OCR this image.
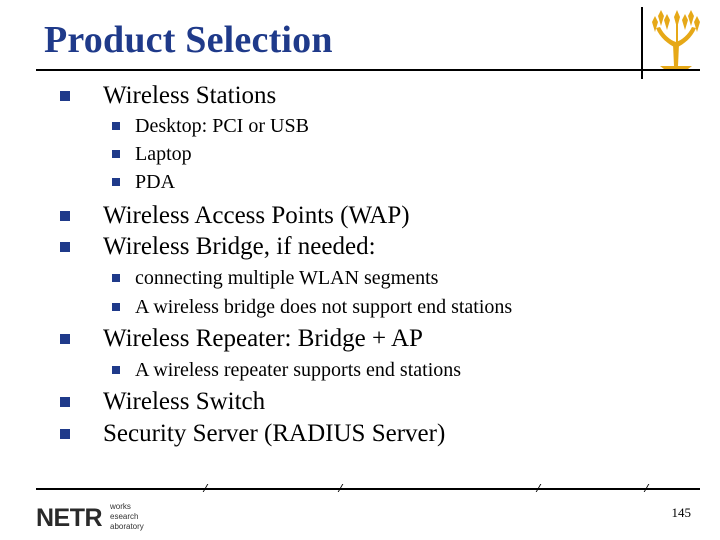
Product Selection
Wireless Stations
Desktop: PCI or USB
Laptop
PDA
Wireless Access Points (WAP)
Wireless Bridge, if needed:
connecting multiple WLAN segments
A wireless bridge does not support end stations
Wireless Repeater: Bridge + AP
A wireless repeater supports end stations
Wireless Switch
Security Server (RADIUS Server)
NETR works
esearch
aboratory
145
